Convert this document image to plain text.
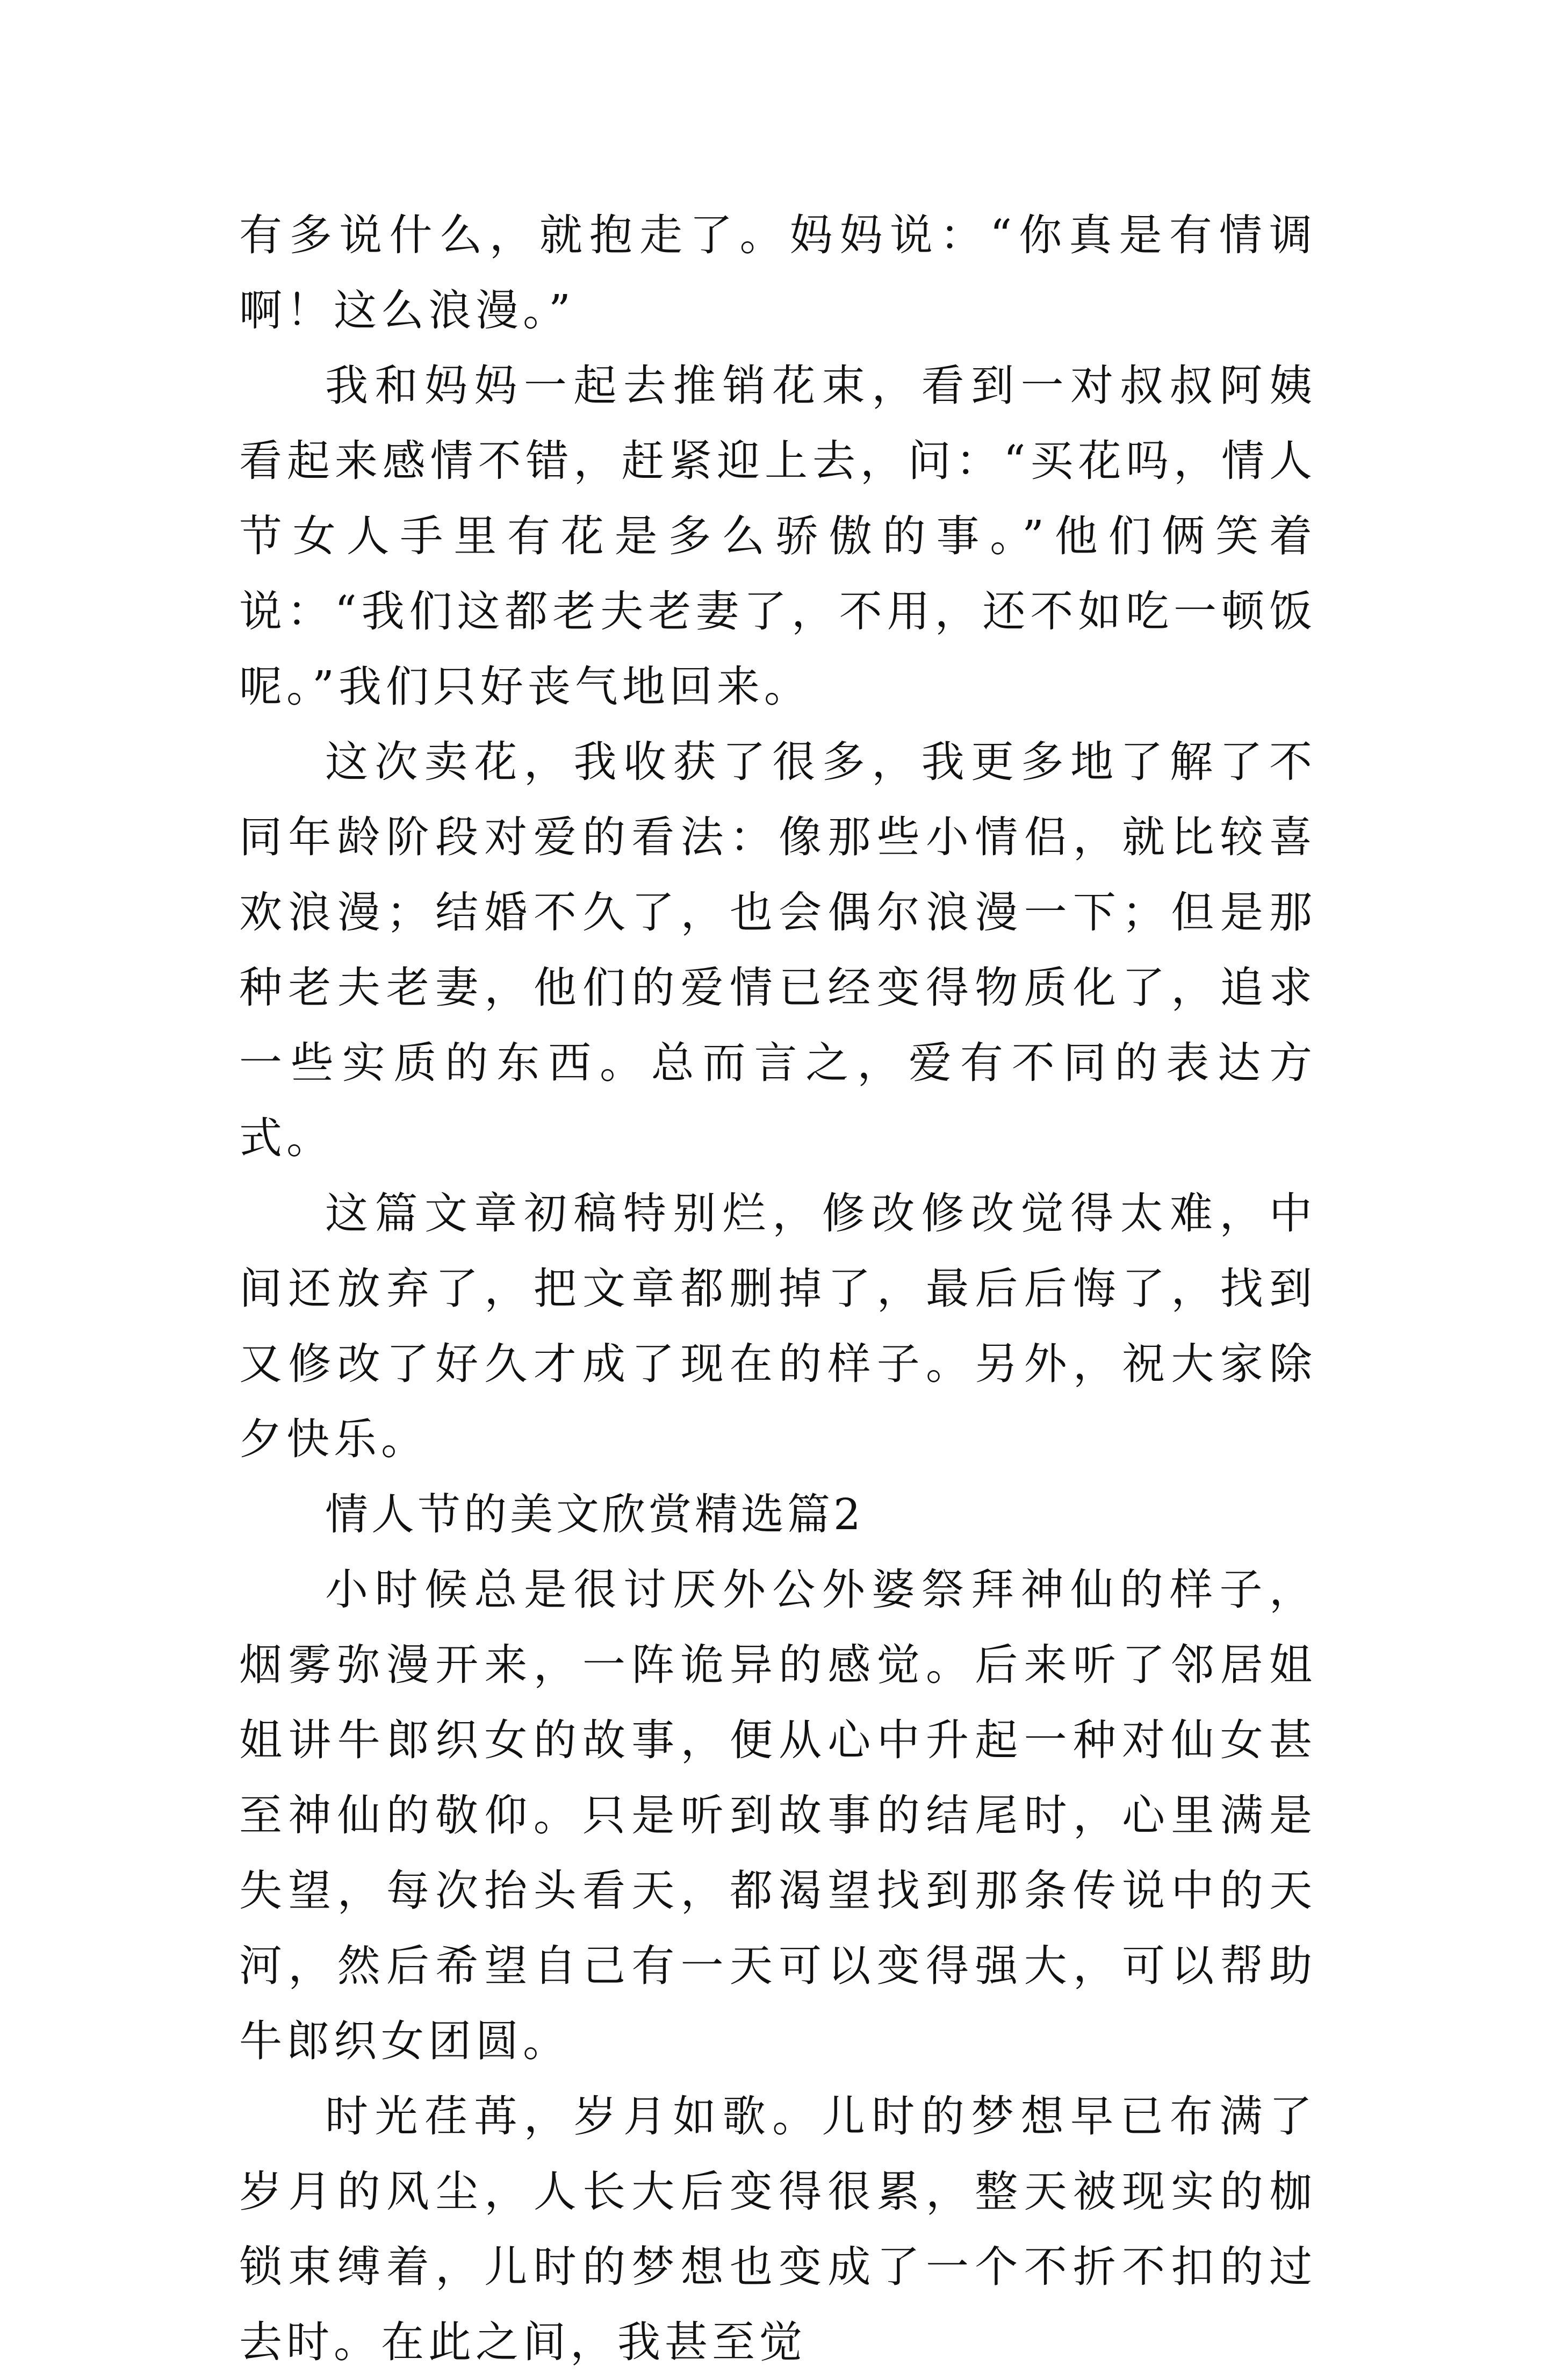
有多说什么，就抱走了。妈妈说：“你真是有情调啊！这么浪漫。”

我和妈妈一起去推销花束，看到一对叔叔阿姨看起来感情不错，赶紧迎上去，问：“买花吗，情人节女人手里有花是多么骄傲的事。”他们俩笑着说：“我们这都老夫老妻了，不用，还不如吃一顿饭呢。”我们只好丧气地回来。

这次卖花，我收获了很多，我更多地了解了不同年龄阶段对爱的看法：像那些小情侣，就比较喜欢浪漫；结婚不久了，也会偶尔浪漫一下；但是那种老夫老妻，他们的爱情已经变得物质化了，追求一些实质的东西。总而言之，爱有不同的表达方式。

这篇文章初稿特别烂，修改修改觉得太难，中间还放弃了，把文章都删掉了，最后后悔了，找到又修改了好久才成了现在的样子。另外，祝大家除夕快乐。

情人节的美文欣赏精选篇2

小时候总是很讨厌外公外婆祭拜神仙的样子，烟雾弥漫开来，一阵诡异的感觉。后来听了邻居姐姐讲牛郎织女的故事，便从心中升起一种对仙女甚至神仙的敬仰。只是听到故事的结尾时，心里满是失望，每次抬头看天，都渴望找到那条传说中的天河，然后希望自己有一天可以变得强大，可以帮助牛郎织女团圆。

时光荏苒，岁月如歌。儿时的梦想早已布满了岁月的风尘，人长大后变得很累，整天被现实的枷锁束缚着，儿时的梦想也变成了一个不折不扣的过去时。在此之间，我甚至觉
